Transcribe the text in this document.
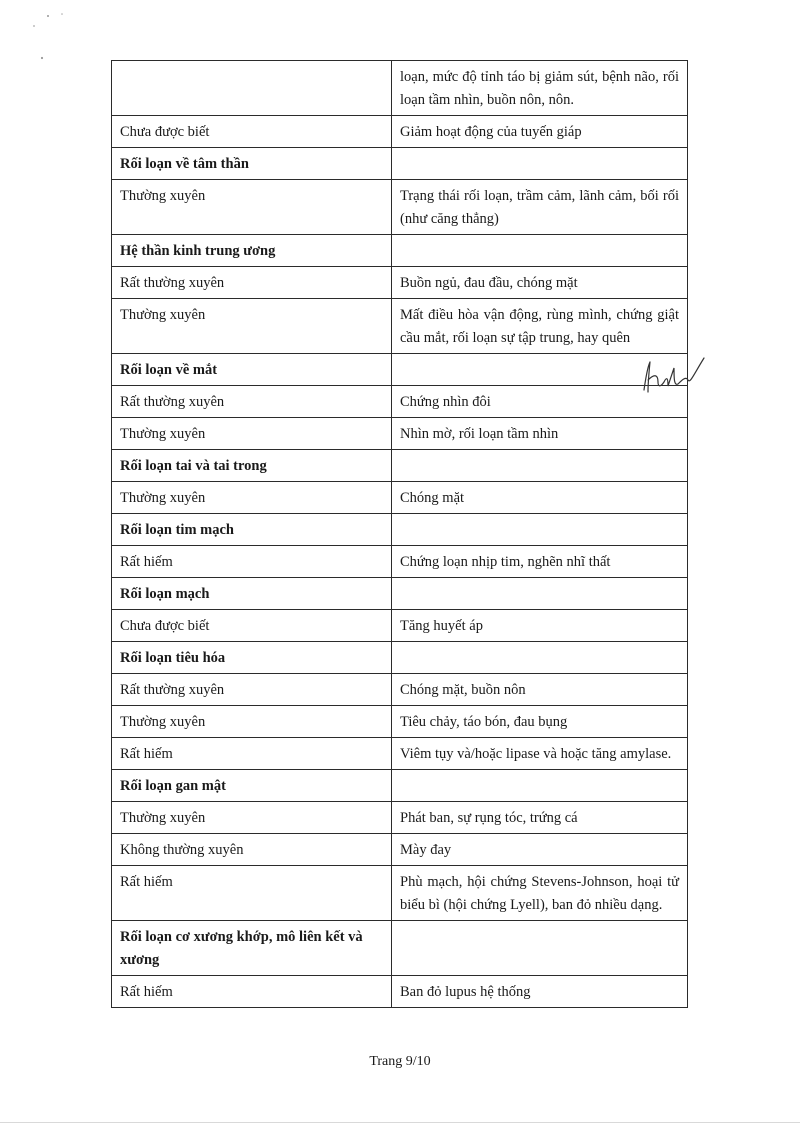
	loạn, mức độ tỉnh táo bị giảm sút, bệnh não, rối loạn tầm nhìn, buồn nôn, nôn.
Chưa được biết	Giảm hoạt động của tuyến giáp
Rối loạn về tâm thần	
Thường xuyên	Trạng thái rối loạn, trầm cảm, lãnh cảm, bối rối (như căng thẳng)
Hệ thần kinh trung ương	
Rất thường xuyên	Buồn ngủ, đau đầu, chóng mặt
Thường xuyên	Mất điều hòa vận động, rùng mình, chứng giật cầu mắt, rối loạn sự tập trung, hay quên
Rối loạn về mắt	
Rất thường xuyên	Chứng nhìn đôi
Thường xuyên	Nhìn mờ, rối loạn tầm nhìn
Rối loạn tai và tai trong	
Thường xuyên	Chóng mặt
Rối loạn tim mạch	
Rất hiếm	Chứng loạn nhịp tim, nghẽn nhĩ thất
Rối loạn mạch	
Chưa được biết	Tăng huyết áp
Rối loạn tiêu hóa	
Rất thường xuyên	Chóng mặt, buồn nôn
Thường xuyên	Tiêu chảy, táo bón, đau bụng
Rất hiếm	Viêm tụy và/hoặc lipase và hoặc tăng amylase.
Rối loạn gan mật	
Thường xuyên	Phát ban, sự rụng tóc, trứng cá
Không thường xuyên	Mày đay
Rất hiếm	Phù mạch, hội chứng Stevens-Johnson, hoại tử biểu bì (hội chứng Lyell), ban đỏ nhiều dạng.
Rối loạn cơ xương khớp, mô liên kết và xương	
Rất hiếm	Ban đỏ lupus hệ thống
Trang 9/10
